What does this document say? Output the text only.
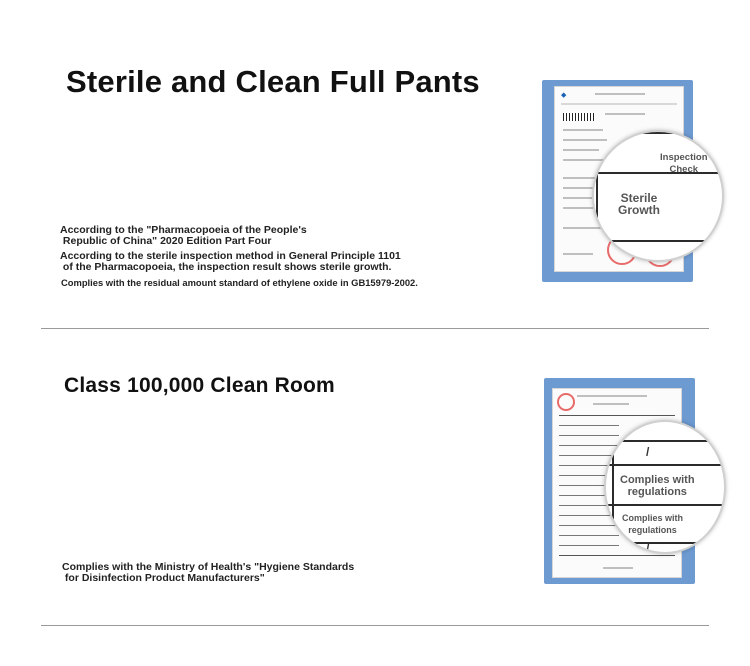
Sterile and Clean Full Pants
According to the "Pharmacopoeia of the People's
Republic of China" 2020 Edition Part Four
According to the sterile inspection method in General Principle 1101
of the Pharmacopoeia, the inspection result shows sterile growth.
Complies with the residual amount standard of ethylene oxide in GB15979-2002.
◆
Inspection
Check
Sterile
Growth
Class 100,000 Clean Room
Complies with the Ministry of Health's "Hygiene Standards
for Disinfection Product Manufacturers"
/
Complies with
regulations
Complies with
regulations
/
